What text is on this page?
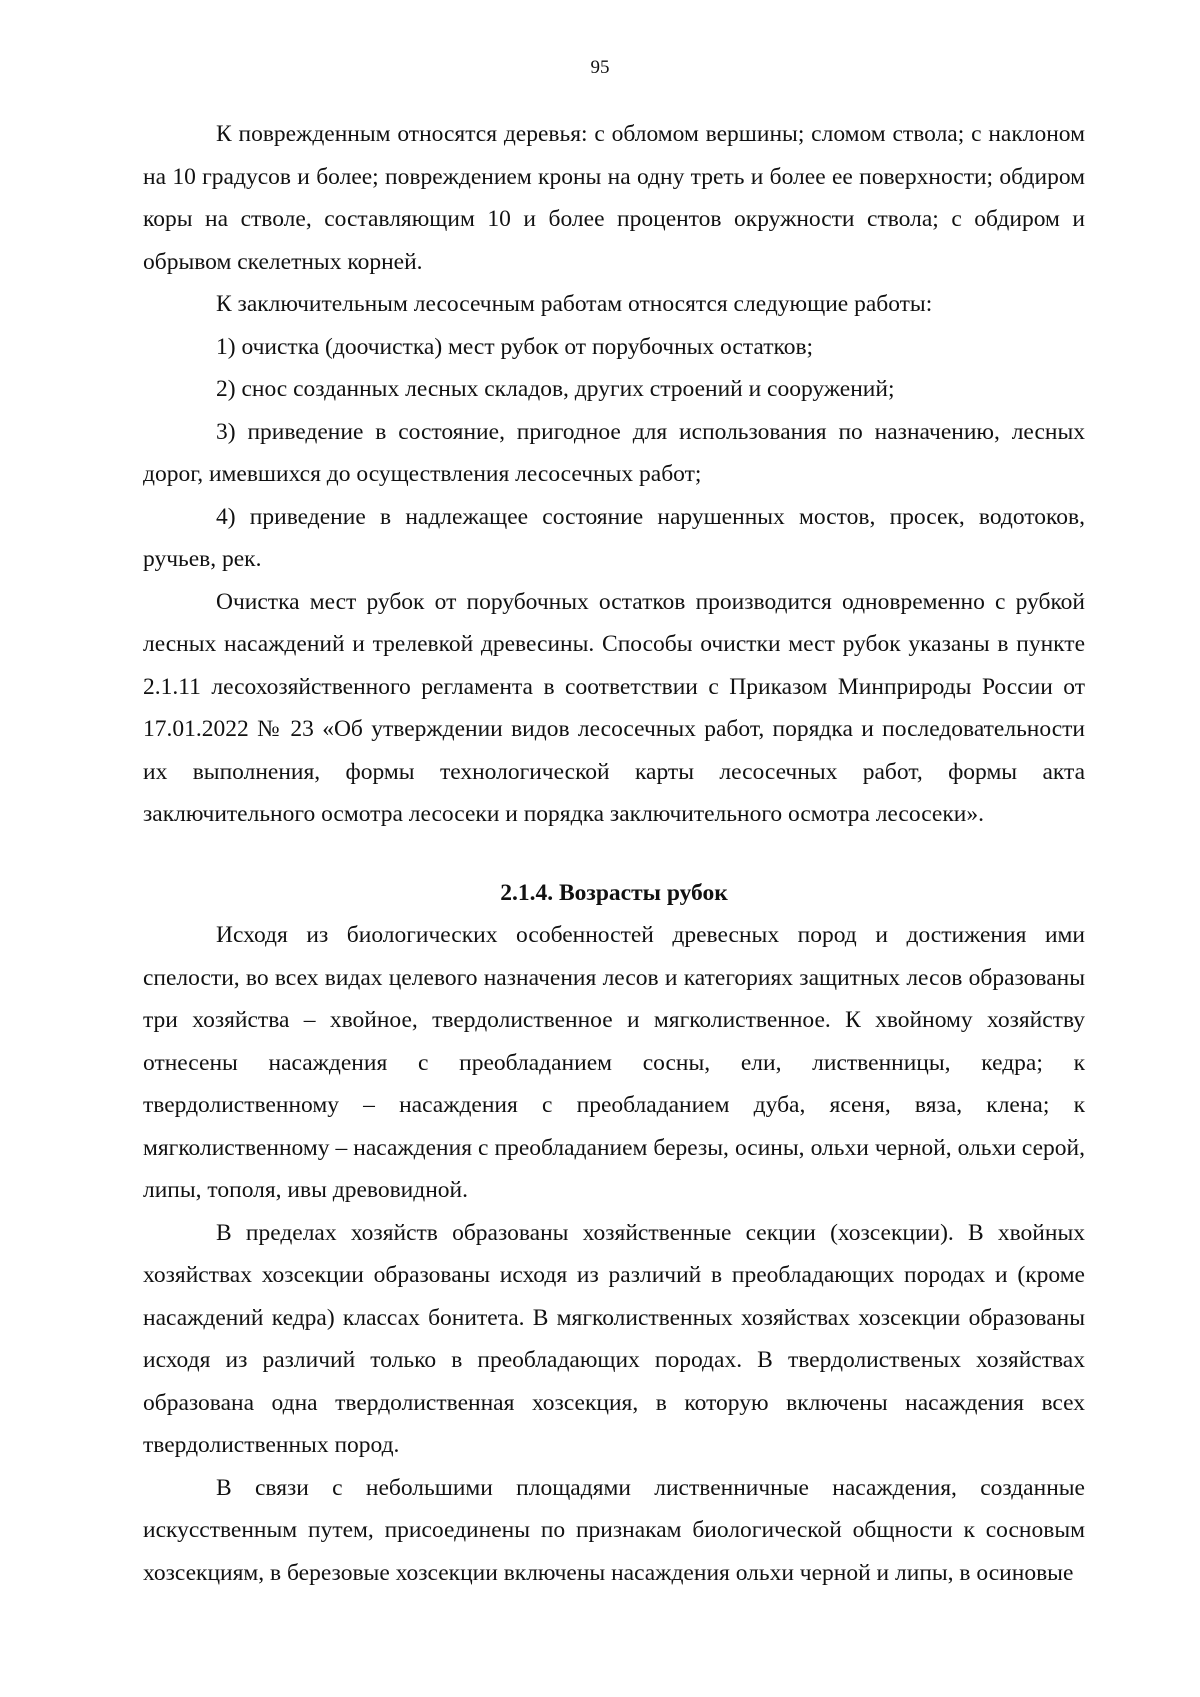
95

К поврежденным относятся деревья: с обломом вершины; сломом ствола; с наклоном на 10 градусов и более; повреждением кроны на одну треть и более ее поверхности; обдиром коры на стволе, составляющим 10 и более процентов окружности ствола; с обдиром и обрывом скелетных корней.

К заключительным лесосечным работам относятся следующие работы:

1) очистка (доочистка) мест рубок от порубочных остатков;

2) снос созданных лесных складов, других строений и сооружений;

3) приведение в состояние, пригодное для использования по назначению, лесных дорог, имевшихся до осуществления лесосечных работ;

4) приведение в надлежащее состояние нарушенных мостов, просек, водотоков, ручьев, рек.

Очистка мест рубок от порубочных остатков производится одновременно с рубкой лесных насаждений и трелевкой древесины. Способы очистки мест рубок указаны в пункте 2.1.11 лесохозяйственного регламента в соответствии с Приказом Минприроды России от 17.01.2022 № 23 «Об утверждении видов лесосечных работ, порядка и последовательности их выполнения, формы технологической карты лесосечных работ, формы акта заключительного осмотра лесосеки и порядка заключительного осмотра лесосеки».

2.1.4. Возрасты рубок

Исходя из биологических особенностей древесных пород и достижения ими спелости, во всех видах целевого назначения лесов и категориях защитных лесов образованы три хозяйства – хвойное, твердолиственное и мягколиственное. К хвойному хозяйству отнесены насаждения с преобладанием сосны, ели, лиственницы, кедра; к твердолиственному – насаждения с преобладанием дуба, ясеня, вяза, клена; к мягколиственному – насаждения с преобладанием березы, осины, ольхи черной, ольхи серой, липы, тополя, ивы древовидной.

В пределах хозяйств образованы хозяйственные секции (хозсекции). В хвойных хозяйствах хозсекции образованы исходя из различий в преобладающих породах и (кроме насаждений кедра) классах бонитета. В мягколиственных хозяйствах хозсекции образованы исходя из различий только в преобладающих породах. В твердолиственых хозяйствах образована одна твердолиственная хозсекция, в которую включены насаждения всех твердолиственных пород.

В связи с небольшими площадями лиственничные насаждения, созданные искусственным путем, присоединены по признакам биологической общности к сосновым хозсекциям, в березовые хозсекции включены насаждения ольхи черной и липы, в осиновые
